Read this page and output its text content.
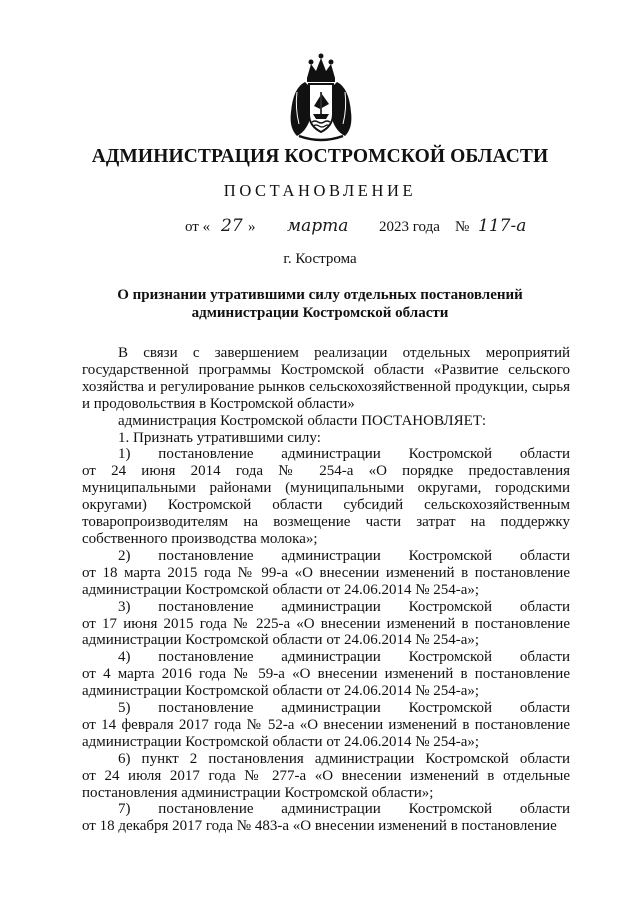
АДМИНИСТРАЦИЯ КОСТРОМСКОЙ ОБЛАСТИ
ПОСТАНОВЛЕНИЕ
от « 27 » марта 2023 года № 117-а
г. Кострома
О признании утратившими силу отдельных постановлений администрации Костромской области

В связи с завершением реализации отдельных мероприятий государственной программы Костромской области «Развитие сельского хозяйства и регулирование рынков сельскохозяйственной продукции, сырья и продовольствия в Костромской области»

администрация Костромской области ПОСТАНОВЛЯЕТ:

1. Признать утратившими силу:

1) постановление администрации Костромской области

от 24 июня 2014 года № 254-а «О порядке предоставления муниципальными районами (муниципальными округами, городскими округами) Костромской области субсидий сельскохозяйственным товаропроизводителям на возмещение части затрат на поддержку собственного производства молока»;

2) постановление администрации Костромской области

от 18 марта 2015 года № 99-а «О внесении изменений в постановление администрации Костромской области от 24.06.2014 № 254-а»;

3) постановление администрации Костромской области

от 17 июня 2015 года № 225-а «О внесении изменений в постановление администрации Костромской области от 24.06.2014 № 254-а»;

4) постановление администрации Костромской области

от 4 марта 2016 года № 59-а «О внесении изменений в постановление администрации Костромской области от 24.06.2014 № 254-а»;

5) постановление администрации Костромской области

от 14 февраля 2017 года № 52-а «О внесении изменений в постановление администрации Костромской области от 24.06.2014 № 254-а»;

6) пункт 2 постановления администрации Костромской области

от 24 июля 2017 года № 277-а «О внесении изменений в отдельные постановления администрации Костромской области»;

7) постановление администрации Костромской области

от 18 декабря 2017 года № 483-а «О внесении изменений в постановление
